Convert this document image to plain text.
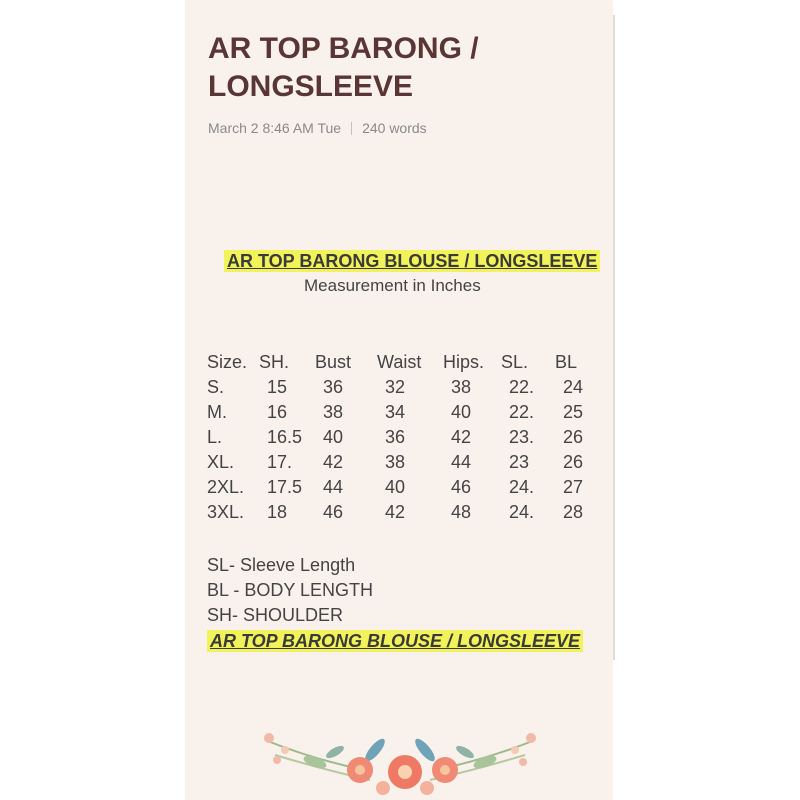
AR TOP BARONG / LONGSLEEVE
March 2 8:46 AM Tue 240 words
AR TOP BARONG BLOUSE / LONGSLEEVE
Measurement in Inches
Size.	SH.	Bust	Waist	Hips.	SL.	BL
S.	15	36	32	38	22.	24
M.	16	38	34	40	22.	25
L.	16.5	40	36	42	23.	26
XL.	17.	42	38	44	23	26
2XL.	17.5	44	40	46	24.	27
3XL.	18	46	42	48	24.	28
SL- Sleeve Length
BL - BODY LENGTH
SH- SHOULDER
AR TOP BARONG BLOUSE / LONGSLEEVE
